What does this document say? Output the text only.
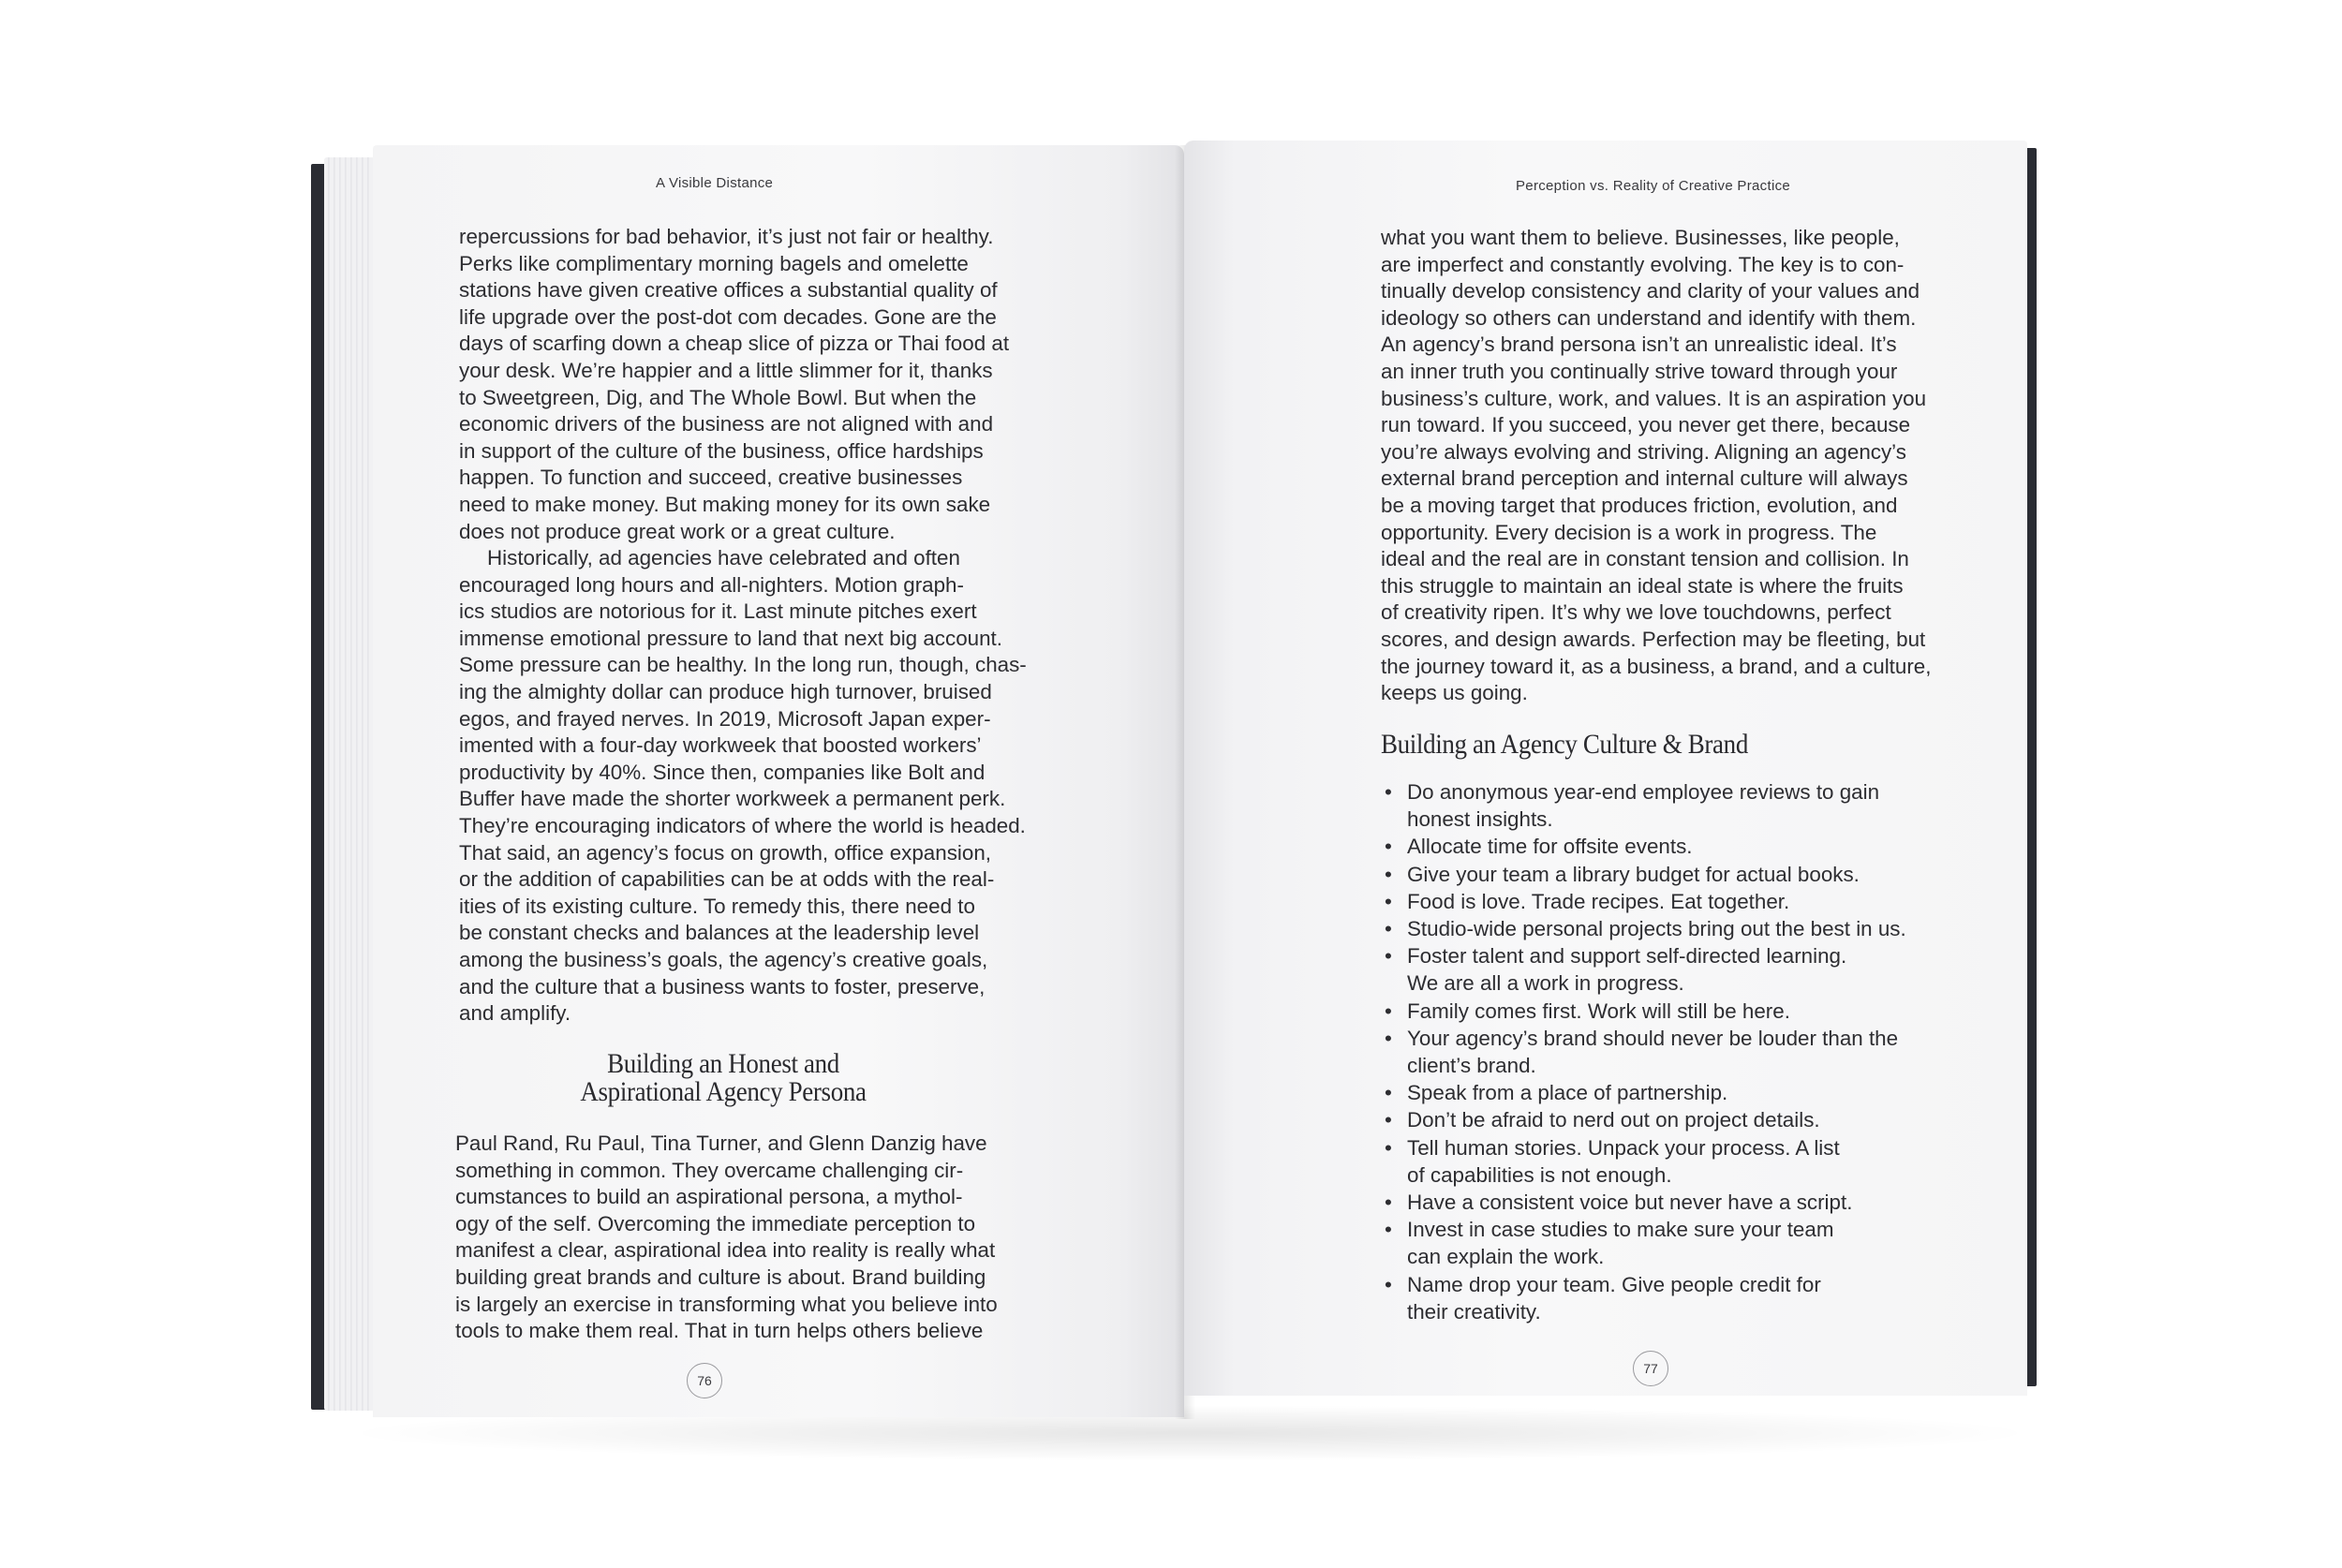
A Visible Distance
repercussions for bad behavior, it’s just not fair or healthy.
Perks like complimentary morning bagels and omelette
stations have given creative offices a substantial quality of
life upgrade over the post-dot com decades. Gone are the
days of scarfing down a cheap slice of pizza or Thai food at
your desk. We’re happier and a little slimmer for it, thanks
to Sweetgreen, Dig, and The Whole Bowl. But when the
economic drivers of the business are not aligned with and
in support of the culture of the business, office hardships
happen. To function and succeed, creative businesses
need to make money. But making money for its own sake
does not produce great work or a great culture.
Historically, ad agencies have celebrated and often
encouraged long hours and all-nighters. Motion graph-
ics studios are notorious for it. Last minute pitches exert
immense emotional pressure to land that next big account.
Some pressure can be healthy. In the long run, though, chas-
ing the almighty dollar can produce high turnover, bruised
egos, and frayed nerves. In 2019, Microsoft Japan exper-
imented with a four-day workweek that boosted workers’
productivity by 40%. Since then, companies like Bolt and
Buffer have made the shorter workweek a permanent perk.
They’re encouraging indicators of where the world is headed.
That said, an agency’s focus on growth, office expansion,
or the addition of capabilities can be at odds with the real-
ities of its existing culture. To remedy this, there need to
be constant checks and balances at the leadership level
among the business’s goals, the agency’s creative goals,
and the culture that a business wants to foster, preserve,
and amplify.
Building an Honest and
Aspirational Agency Persona
Paul Rand, Ru Paul, Tina Turner, and Glenn Danzig have
something in common. They overcame challenging cir-
cumstances to build an aspirational persona, a mythol-
ogy of the self. Overcoming the immediate perception to
manifest a clear, aspirational idea into reality is really what
building great brands and culture is about. Brand building
is largely an exercise in transforming what you believe into
tools to make them real. That in turn helps others believe
76
Perception vs. Reality of Creative Practice
what you want them to believe. Businesses, like people,
are imperfect and constantly evolving. The key is to con-
tinually develop consistency and clarity of your values and
ideology so others can understand and identify with them.
An agency’s brand persona isn’t an unrealistic ideal. It’s
an inner truth you continually strive toward through your
business’s culture, work, and values. It is an aspiration you
run toward. If you succeed, you never get there, because
you’re always evolving and striving. Aligning an agency’s
external brand perception and internal culture will always
be a moving target that produces friction, evolution, and
opportunity. Every decision is a work in progress. The
ideal and the real are in constant tension and collision. In
this struggle to maintain an ideal state is where the fruits
of creativity ripen. It’s why we love touchdowns, perfect
scores, and design awards. Perfection may be fleeting, but
the journey toward it, as a business, a brand, and a culture,
keeps us going.
Building an Agency Culture & Brand
• Do anonymous year-end employee reviews to gain
honest insights.
• Allocate time for offsite events.
• Give your team a library budget for actual books.
• Food is love. Trade recipes. Eat together.
• Studio-wide personal projects bring out the best in us.
• Foster talent and support self-directed learning.
We are all a work in progress.
• Family comes first. Work will still be here.
• Your agency’s brand should never be louder than the
client’s brand.
• Speak from a place of partnership.
• Don’t be afraid to nerd out on project details.
• Tell human stories. Unpack your process. A list
of capabilities is not enough.
• Have a consistent voice but never have a script.
• Invest in case studies to make sure your team
can explain the work.
• Name drop your team. Give people credit for
their creativity.
77
